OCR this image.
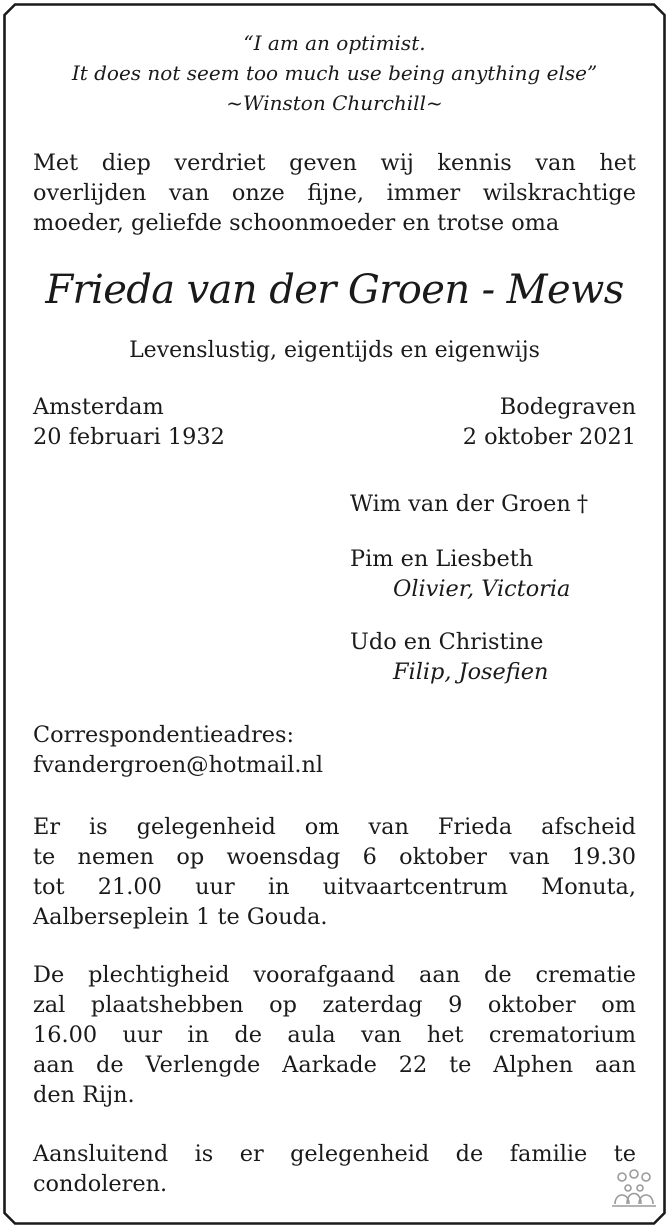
“I am an optimist.
It does not seem too much use being anything else”
~Winston Churchill~
Met diep verdriet geven wij kennis van het
overlijden van onze fijne, immer wilskrachtige
moeder, geliefde schoonmoeder en trotse oma
Frieda van der Groen - Mews
Levenslustig, eigentijds en eigenwijs
Amsterdam
20 februari 1932
Bodegraven
2 oktober 2021
Wim van der Groen †
Pim en Liesbeth
Olivier, Victoria
Udo en Christine
Filip, Josefien
Correspondentieadres:
fvandergroen@hotmail.nl
Er is gelegenheid om van Frieda afscheid
te nemen op woensdag 6 oktober van 19.30
tot 21.00 uur in uitvaartcentrum Monuta,
Aalberseplein 1 te Gouda.
De plechtigheid voorafgaand aan de crematie
zal plaatshebben op zaterdag 9 oktober om
16.00 uur in de aula van het crematorium
aan de Verlengde Aarkade 22 te Alphen aan
den Rijn.
Aansluitend is er gelegenheid de familie te
condoleren.
